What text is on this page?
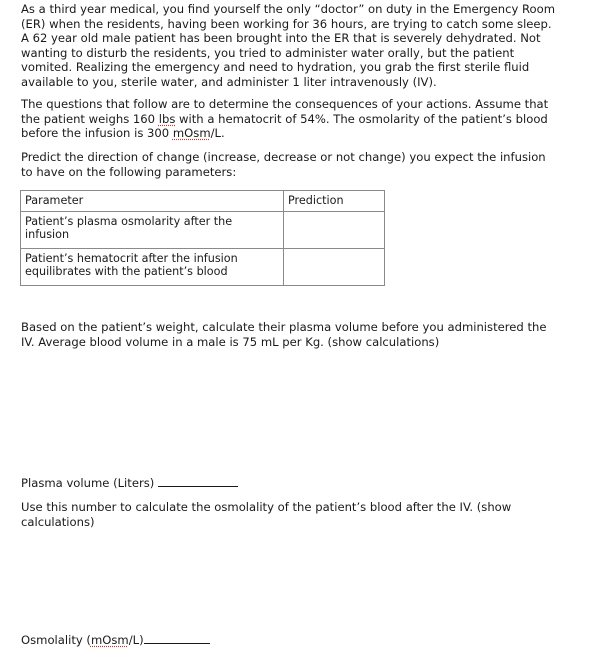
As a third year medical, you find yourself the only “doctor” on duty in the Emergency Room (ER) when the residents, having been working for 36 hours, are trying to catch some sleep. A 62 year old male patient has been brought into the ER that is severely dehydrated. Not wanting to disturb the residents, you tried to administer water orally, but the patient vomited. Realizing the emergency and need to hydration, you grab the first sterile fluid available to you, sterile water, and administer 1 liter intravenously (IV).

The questions that follow are to determine the consequences of your actions. Assume that the patient weighs 160 lbs with a hematocrit of 54%. The osmolarity of the patient’s blood before the infusion is 300 mOsm/L.

Predict the direction of change (increase, decrease or not change) you expect the infusion to have on the following parameters:

Parameter	Prediction
Patient’s plasma osmolarity after the infusion	
Patient’s hematocrit after the infusion equilibrates with the patient’s blood	

Based on the patient’s weight, calculate their plasma volume before you administered the IV. Average blood volume in a male is 75 mL per Kg. (show calculations)

Plasma volume (Liters)

Use this number to calculate the osmolality of the patient’s blood after the IV. (show calculations)

Osmolality (mOsm/L)
